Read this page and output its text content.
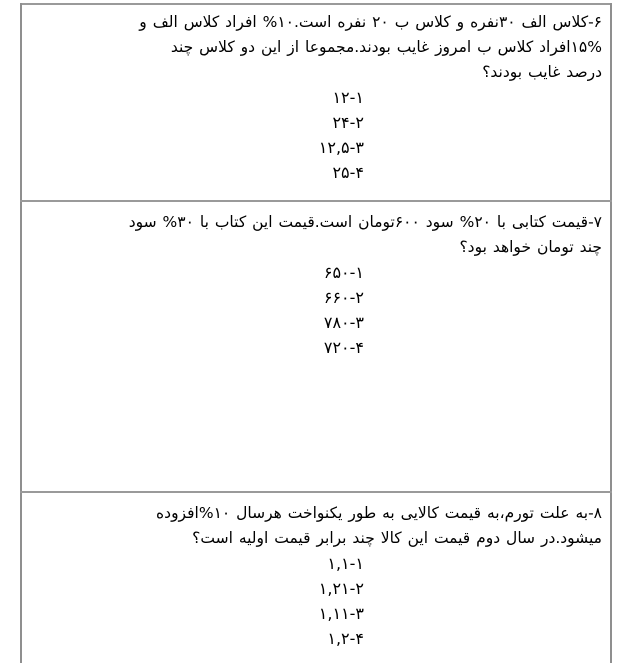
۶-کلاس الف ۳۰نفره و کلاس ب ۲۰ نفره است.۱۰% افراد کلاس الف و
۱۵%افراد کلاس ب امروز غایب بودند.مجموعا از این دو کلاس چند
درصد غایب بودند؟
۱۲-۱
۲۴-۲
۱۲,۵-۳
۲۵-۴
۷-قیمت کتابی با ۲۰% سود ۶۰۰تومان است.قیمت این کتاب با ۳۰% سود
چند تومان خواهد بود؟
۶۵۰-۱
۶۶۰-۲
۷۸۰-۳
۷۲۰-۴
۸-به علت تورم،به قیمت کالایی به طور یکنواخت هرسال ۱۰%افزوده
میشود.در سال دوم قیمت این کالا چند برابر قیمت اولیه است؟
۱,۱-۱
۱,۲۱-۲
۱,۱۱-۳
۱,۲-۴
